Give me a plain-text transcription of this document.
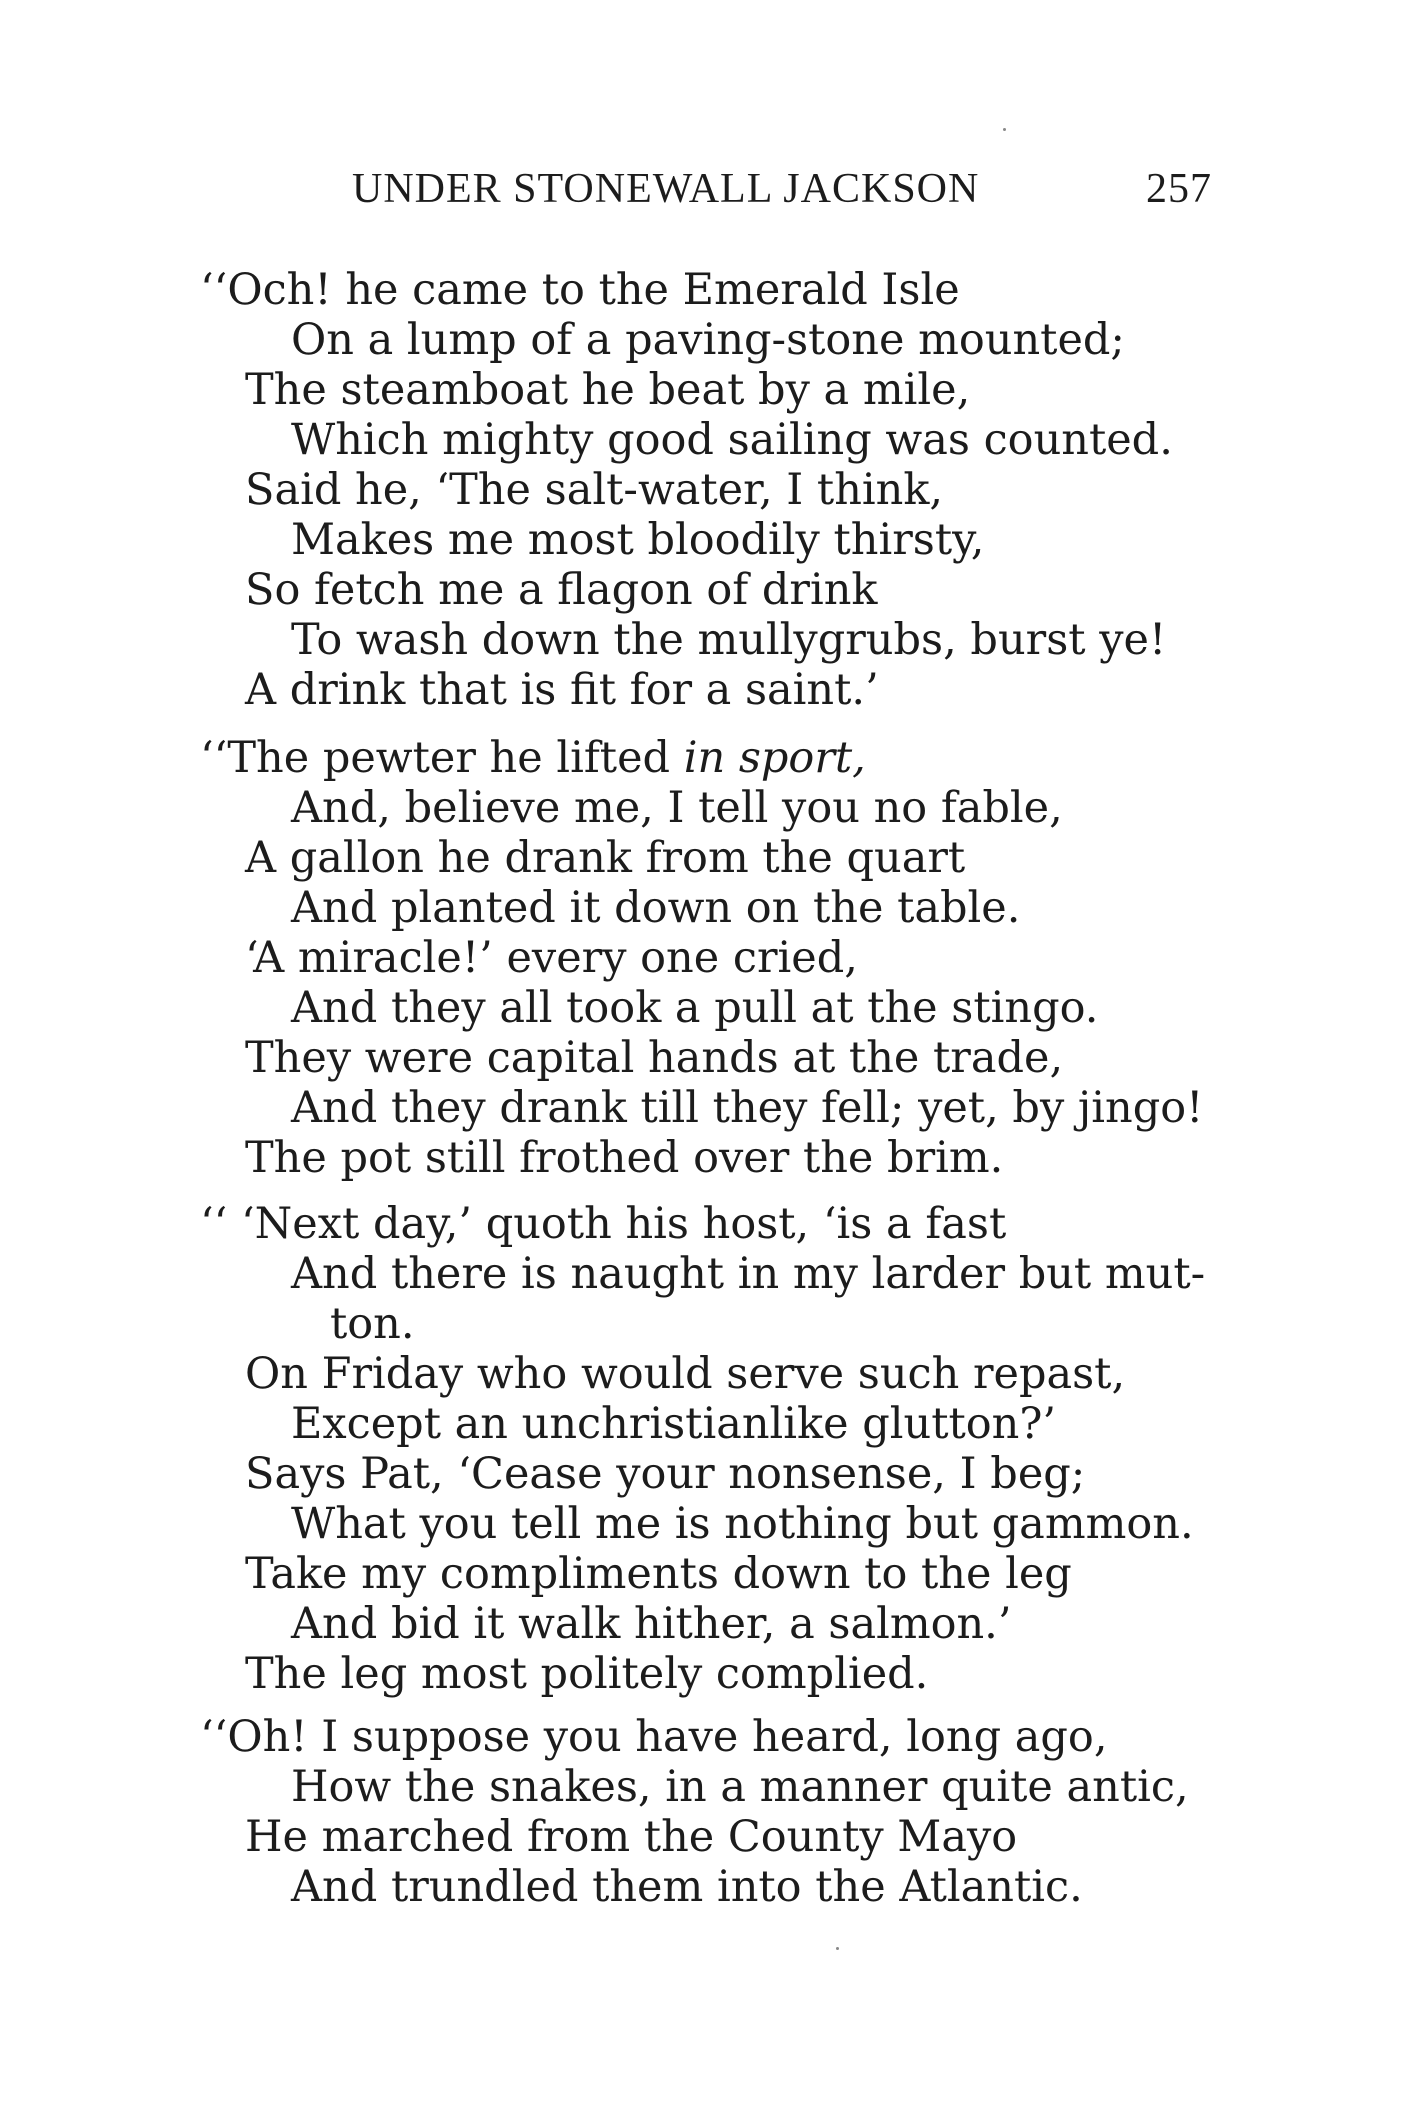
UNDER STONEWALL JACKSON	257
‘‘Och! he came to the Emerald Isle
On a lump of a paving-stone mounted;
The steamboat he beat by a mile,
Which mighty good sailing was counted.
Said he, ‘The salt-water, I think,
Makes me most bloodily thirsty,
So fetch me a flagon of drink
To wash down the mullygrubs, burst ye!
A drink that is fit for a saint.’
‘‘The pewter he lifted in sport,
And, believe me, I tell you no fable,
A gallon he drank from the quart
And planted it down on the table.
‘A miracle!’ every one cried,
And they all took a pull at the stingo.
They were capital hands at the trade,
And they drank till they fell; yet, by jingo!
The pot still frothed over the brim.
‘‘ ‘Next day,’ quoth his host, ‘is a fast
And there is naught in my larder but mut-
ton.
On Friday who would serve such repast,
Except an unchristianlike glutton?’
Says Pat, ‘Cease your nonsense, I beg;
What you tell me is nothing but gammon.
Take my compliments down to the leg
And bid it walk hither, a salmon.’
The leg most politely complied.
‘‘Oh! I suppose you have heard, long ago,
How the snakes, in a manner quite antic,
He marched from the County Mayo
And trundled them into the Atlantic.
